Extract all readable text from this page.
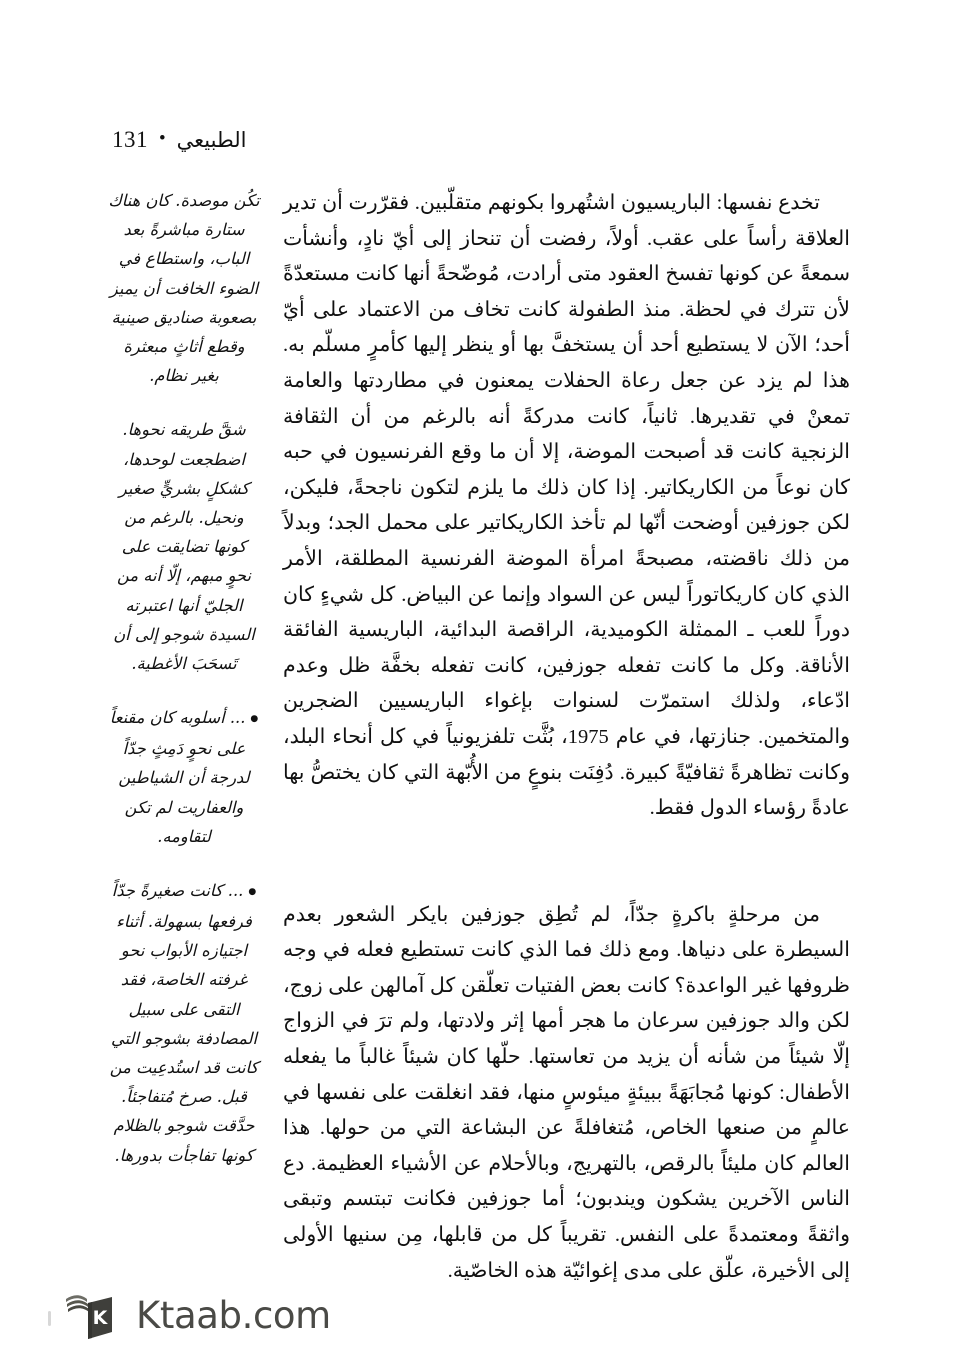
131 • الطبيعي

تخدع نفسها: الباريسيون اشتُهروا بكونهم متقلّبين. فقرّرت أن تدير العلاقة رأساً على عقب. أولاً، رفضت أن تنحاز إلى أيّ نادٍ، وأنشأت سمعةً عن كونها تفسخ العقود متى أرادت، مُوضّحةً أنها كانت مستعدّةً لأن تترك في لحظة. منذ الطفولة كانت تخاف من الاعتماد على أيّ أحد؛ الآن لا يستطيع أحد أن يستخفَّ بها أو ينظر إليها كأمرٍ مسلّم به. هذا لم يزد عن جعل رعاة الحفلات يمعنون في مطاردتها والعامة تمعنْ في تقديرها. ثانياً، كانت مدركةً أنه بالرغم من أن الثقافة الزنجية كانت قد أصبحت الموضة، إلا أن ما وقع الفرنسيون في حبه كان نوعاً من الكاريكاتير. إذا كان ذلك ما يلزم لتكون ناجحةً، فليكن، لكن جوزفين أوضحت أنّها لم تأخذ الكاريكاتير على محمل الجد؛ وبدلاً من ذلك ناقضته، مصبحةً امرأة الموضة الفرنسية المطلقة، الأمر الذي كان كاريكاتوراً ليس عن السواد وإنما عن البياض. كل شيءٍ كان دوراً للعب ـ الممثلة الكوميدية، الراقصة البدائية، الباريسية الفائقة الأناقة. وكل ما كانت تفعله جوزفين، كانت تفعله بخفَّة ظل وعدم ادّعاء، ولذلك استمرّت لسنوات بإغواء الباريسيين الضجرين والمتخمين. جنازتها، في عام 1975، بُثَّت تلفزيونياً في كل أنحاء البلد، وكانت تظاهرةً ثقافيّةً كبيرة. دُفِنَت بنوعٍ من الأُبّهة التي كان يختصُّ بها عادةً رؤساء الدول فقط.

من مرحلةٍ باكرةٍ جدّاً، لم تُطِق جوزفين بايكر الشعور بعدم السيطرة على دنياها. ومع ذلك فما الذي كانت تستطيع فعله في وجه ظروفها غير الواعدة؟ كانت بعض الفتيات تعلّقن كل آمالهن على زوج، لكن والد جوزفين سرعان ما هجر أمها إثر ولادتها، ولم ترَ في الزواج إلّا شيئاً من شأنه أن يزيد من تعاستها. حلّها كان شيئاً غالباً ما يفعله الأطفال: كونها مُجابَهَةً ببيئةٍ ميئوسٍ منها، فقد انغلقت على نفسها في عالمٍ من صنعها الخاص، مُتغافلةً عن البشاعة التي من حولها. هذا العالم كان مليئاً بالرقص، بالتهريج، وبالأحلام عن الأشياء العظيمة. دع الناس الآخرين يشكون ويندبون؛ أما جوزفين فكانت تبتسم وتبقى واثقةً ومعتمدةً على النفس. تقريباً كل من قابلها، مِن سنيها الأولى إلى الأخيرة، علّق على مدى إغوائيّة هذه الخاصّية.

تكُن موصدة. كان هناك ستارة مباشرةً بعد الباب، واستطاع في الضوء الخافت أن يميز بصعوبة صناديق صينية وقطع أثاثٍ مبعثرة بغير نظام.

شقَّ طريقه نحوها. اضطجعت لوحدها، كشكلٍ بشريٍّ صغير ونحيل. بالرغم من كونها تضايقت على نحوٍ مبهم، إلّا أنه من الجليّ أنها اعتبرته السيدة شوجو إلى أن تَسحَبَ الأغطية.

● ... أسلوبه كان مقنعاً على نحوٍ دَمِثٍ جدّاً لدرجة أن الشياطين والعفاريت لم تكن لتقاومه.

● ... كانت صغيرةً جدّاً فرفعها بسهولة. أثناء اجتيازه الأبواب نحو غرفته الخاصة، فقد التقى على سبيل المصادفة بشوجو التي كانت قد استُدعِيت من قبل. صرخ مُتفاجئاً. حدَّقت شوجو بالظلام كونها تفاجأت بدورها.

K Ktaab.com
